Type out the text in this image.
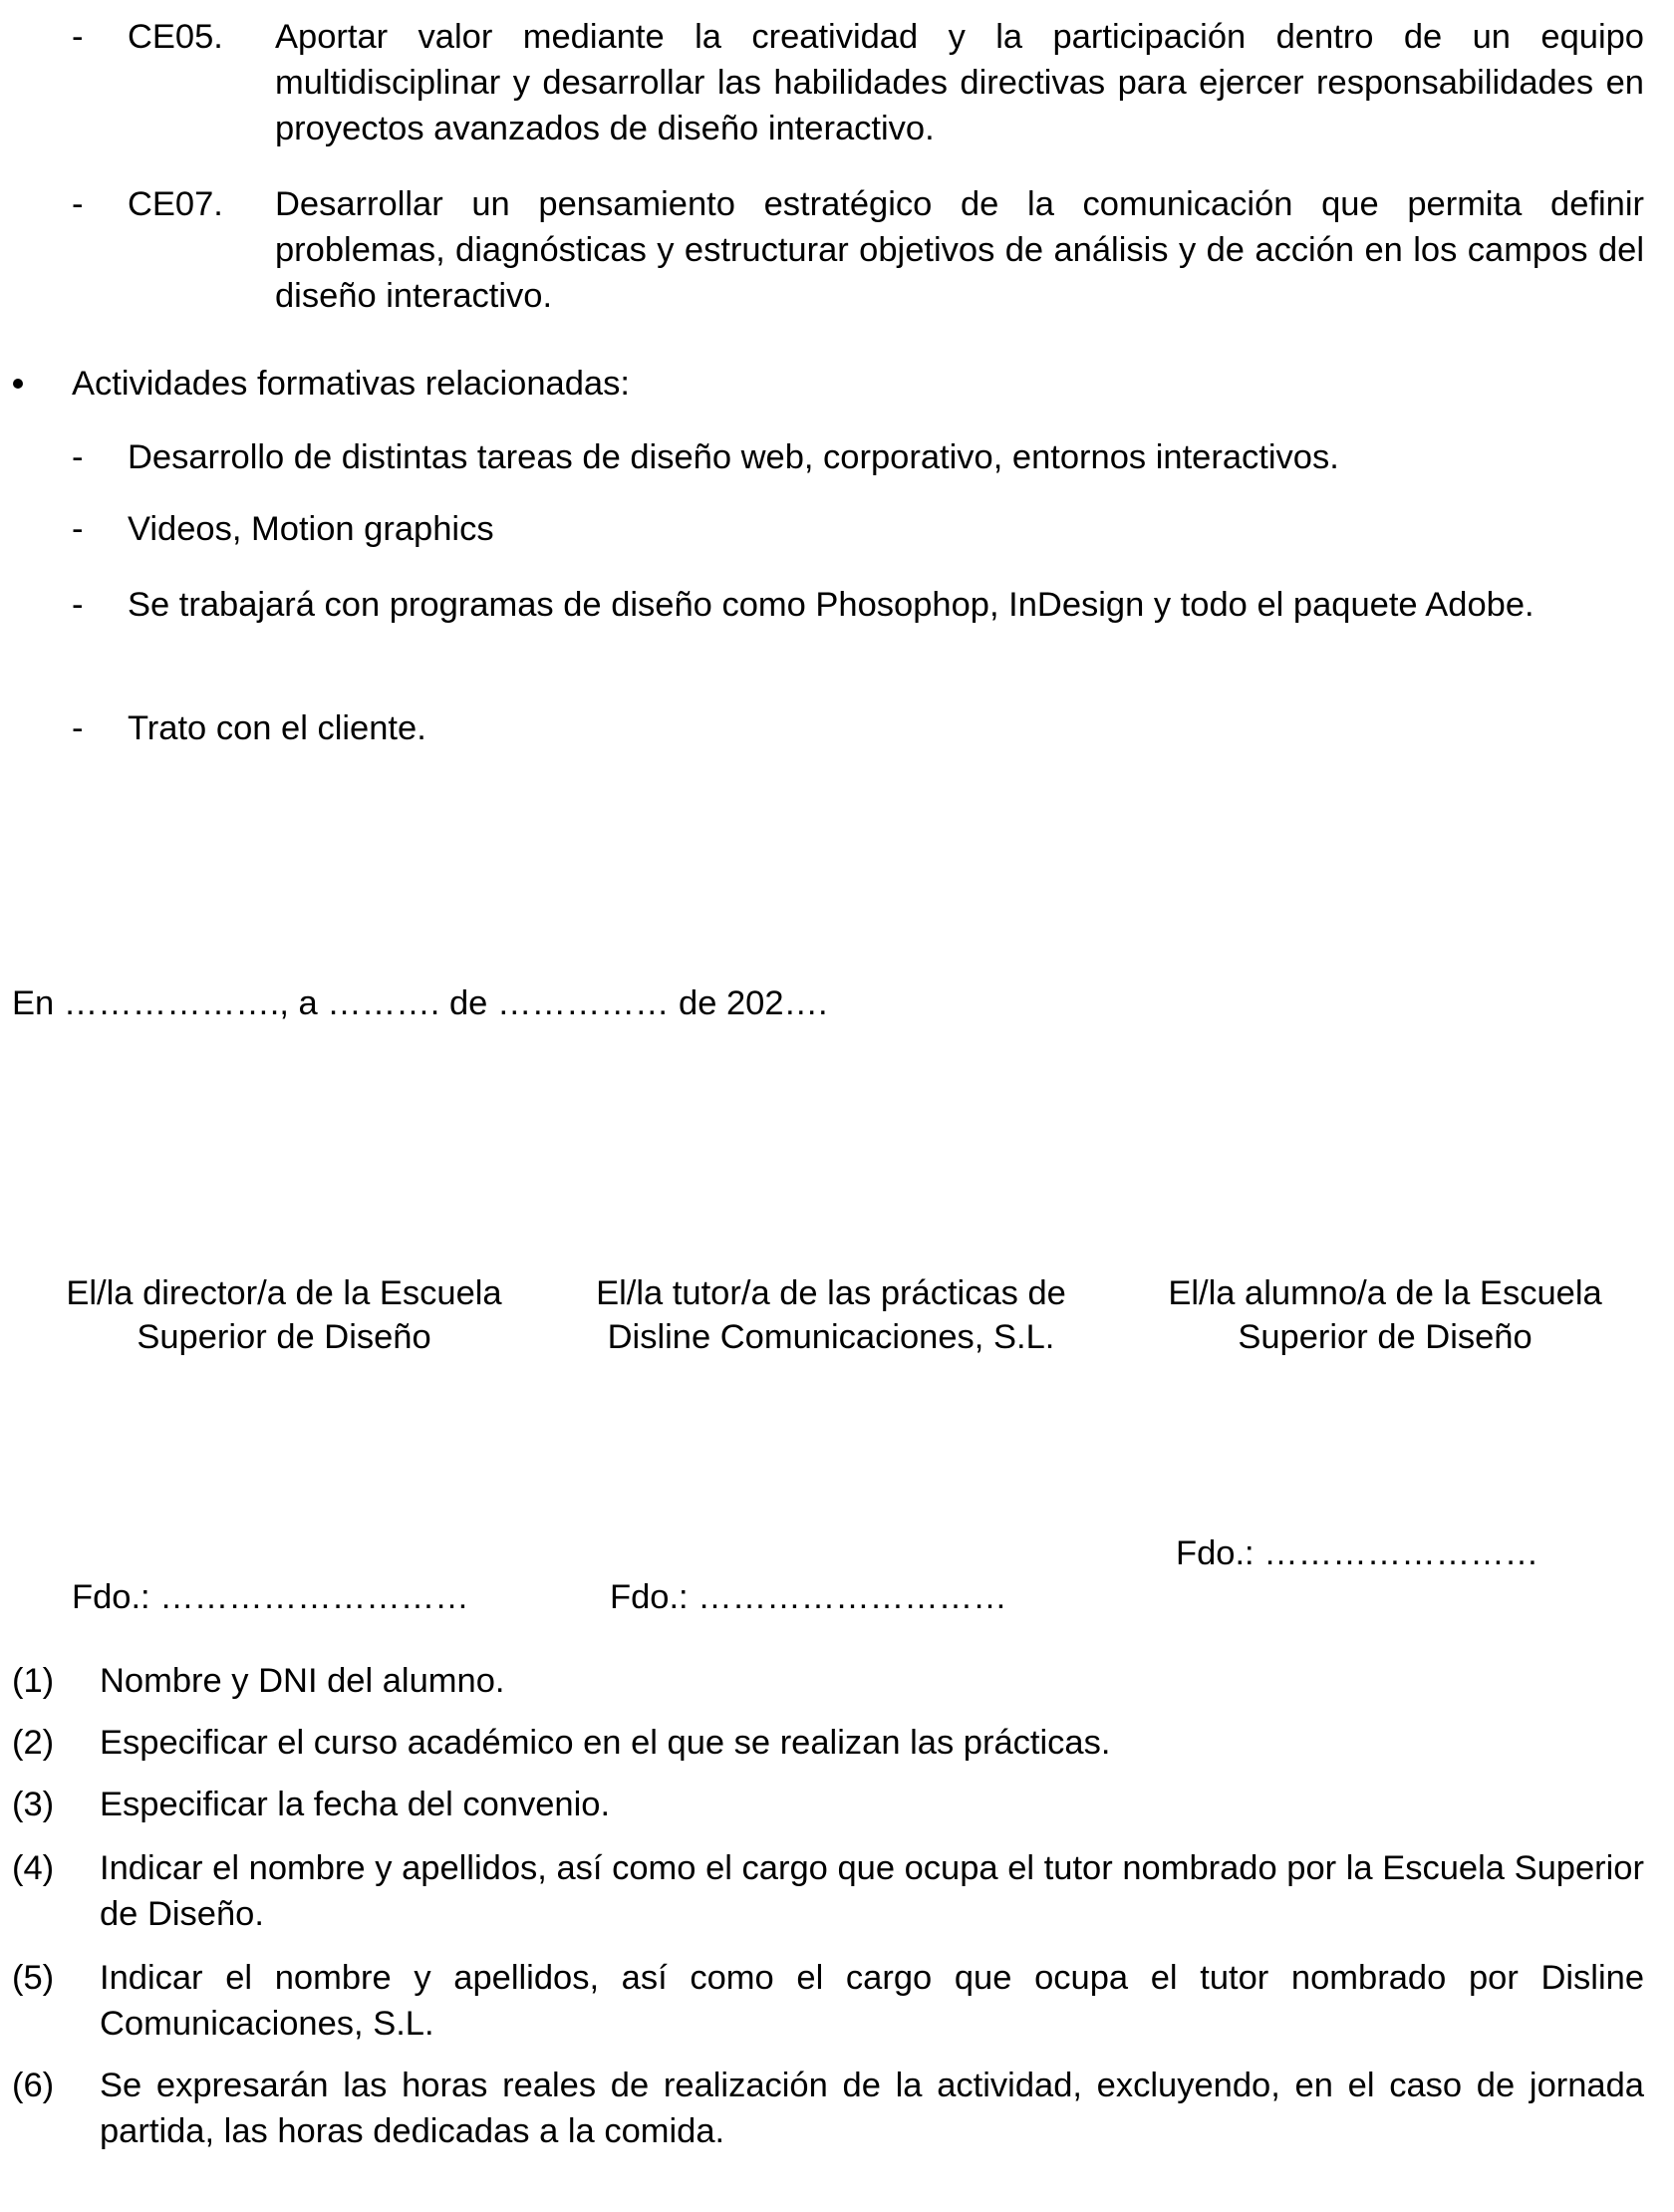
- CE05. Aportar valor mediante la creatividad y la participación dentro de un equipo multidisciplinar y desarrollar las habilidades directivas para ejercer responsabilidades en proyectos avanzados de diseño interactivo.
- CE07. Desarrollar un pensamiento estratégico de la comunicación que permita definir problemas, diagnósticas y estructurar objetivos de análisis y de acción en los campos del diseño interactivo.
Actividades formativas relacionadas:
- Desarrollo de distintas tareas de diseño web, corporativo, entornos interactivos.
- Videos, Motion graphics
- Se trabajará con programas de diseño como Phosophop, InDesign y todo el paquete Adobe.
- Trato con el cliente.
En ………………., a ………. de …………… de 202….
El/la director/a de la Escuela Superior de Diseño
El/la tutor/a de las prácticas de Disline Comunicaciones, S.L.
El/la alumno/a de la Escuela Superior de Diseño
Fdo.: ………………………	Fdo.: ………………………
Fdo.: ……………………
(1) Nombre y DNI del alumno.
(2) Especificar el curso académico en el que se realizan las prácticas.
(3) Especificar la fecha del convenio.
(4) Indicar el nombre y apellidos, así como el cargo que ocupa el tutor nombrado por la Escuela Superior de Diseño.
(5) Indicar el nombre y apellidos, así como el cargo que ocupa el tutor nombrado por Disline Comunicaciones, S.L.
(6) Se expresarán las horas reales de realización de la actividad, excluyendo, en el caso de jornada partida, las horas dedicadas a la comida.
